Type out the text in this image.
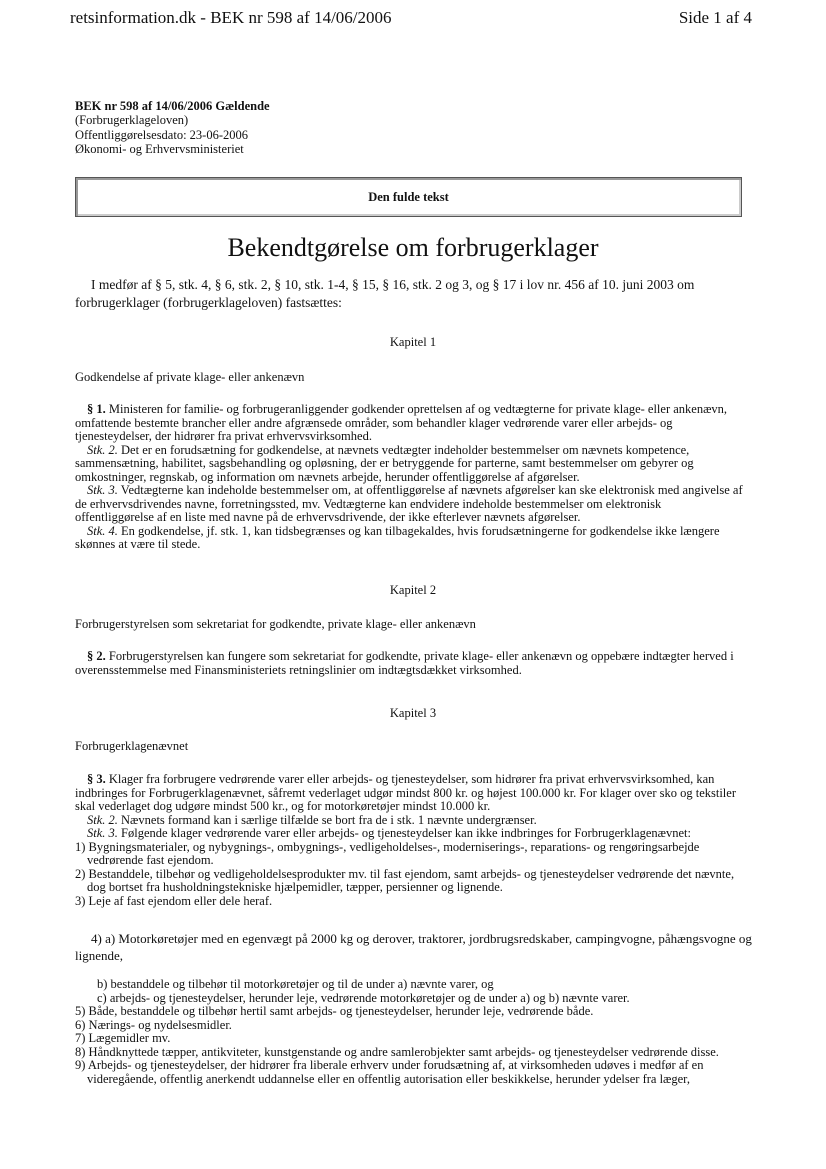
retsinformation.dk - BEK nr 598 af 14/06/2006	Side 1 af 4
BEK nr 598 af 14/06/2006 Gældende
(Forbrugerklageloven)
Offentliggørelsesdato: 23-06-2006
Økonomi- og Erhvervsministeriet
Den fulde tekst
Bekendtgørelse om forbrugerklager
I medfør af § 5, stk. 4, § 6, stk. 2, § 10, stk. 1-4, § 15, § 16, stk. 2 og 3, og § 17 i lov nr. 456 af 10. juni 2003 om
forbrugerklager (forbrugerklageloven) fastsættes:
Kapitel 1
Godkendelse af private klage- eller ankenævn

§ 1. Ministeren for familie- og forbrugeranliggender godkender oprettelsen af og vedtægterne for private klage- eller ankenævn,

omfattende bestemte brancher eller andre afgrænsede områder, som behandler klager vedrørende varer eller arbejds- og

tjenesteydelser, der hidrører fra privat erhvervsvirksomhed.

Stk. 2. Det er en forudsætning for godkendelse, at nævnets vedtægter indeholder bestemmelser om nævnets kompetence,

sammensætning, habilitet, sagsbehandling og opløsning, der er betryggende for parterne, samt bestemmelser om gebyrer og

omkostninger, regnskab, og information om nævnets arbejde, herunder offentliggørelse af afgørelser.

Stk. 3. Vedtægterne kan indeholde bestemmelser om, at offentliggørelse af nævnets afgørelser kan ske elektronisk med angivelse af

de erhvervsdrivendes navne, forretningssted, mv. Vedtægterne kan endvidere indeholde bestemmelser om elektronisk

offentliggørelse af en liste med navne på de erhvervsdrivende, der ikke efterlever nævnets afgørelser.

Stk. 4. En godkendelse, jf. stk. 1, kan tidsbegrænses og kan tilbagekaldes, hvis forudsætningerne for godkendelse ikke længere

skønnes at være til stede.

Kapitel 2
Forbrugerstyrelsen som sekretariat for godkendte, private klage- eller ankenævn

§ 2. Forbrugerstyrelsen kan fungere som sekretariat for godkendte, private klage- eller ankenævn og oppebære indtægter herved i

overensstemmelse med Finansministeriets retningslinier om indtægtsdækket virksomhed.

Kapitel 3
Forbrugerklagenævnet

§ 3. Klager fra forbrugere vedrørende varer eller arbejds- og tjenesteydelser, som hidrører fra privat erhvervsvirksomhed, kan

indbringes for Forbrugerklagenævnet, såfremt vederlaget udgør mindst 800 kr. og højest 100.000 kr. For klager over sko og tekstiler

skal vederlaget dog udgøre mindst 500 kr., og for motorkøretøjer mindst 10.000 kr.

Stk. 2. Nævnets formand kan i særlige tilfælde se bort fra de i stk. 1 nævnte undergrænser.

Stk. 3. Følgende klager vedrørende varer eller arbejds- og tjenesteydelser kan ikke indbringes for Forbrugerklagenævnet:

1) Bygningsmaterialer, og nybygnings-, ombygnings-, vedligeholdelses-, moderniserings-, reparations- og rengøringsarbejde

vedrørende fast ejendom.

2) Bestanddele, tilbehør og vedligeholdelsesprodukter mv. til fast ejendom, samt arbejds- og tjenesteydelser vedrørende det nævnte,

dog bortset fra husholdningstekniske hjælpemidler, tæpper, persienner og lignende.

3) Leje af fast ejendom eller dele heraf.

4) a) Motorkøretøjer med en egenvægt på 2000 kg og derover, traktorer, jordbrugsredskaber, campingvogne, påhængsvogne og
lignende,

b) bestanddele og tilbehør til motorkøretøjer og til de under a) nævnte varer, og

c) arbejds- og tjenesteydelser, herunder leje, vedrørende motorkøretøjer og de under a) og b) nævnte varer.

5) Både, bestanddele og tilbehør hertil samt arbejds- og tjenesteydelser, herunder leje, vedrørende både.

6) Nærings- og nydelsesmidler.

7) Lægemidler mv.

8) Håndknyttede tæpper, antikviteter, kunstgenstande og andre samlerobjekter samt arbejds- og tjenesteydelser vedrørende disse.

9) Arbejds- og tjenesteydelser, der hidrører fra liberale erhverv under forudsætning af, at virksomheden udøves i medfør af en

videregående, offentlig anerkendt uddannelse eller en offentlig autorisation eller beskikkelse, herunder ydelser fra læger,
